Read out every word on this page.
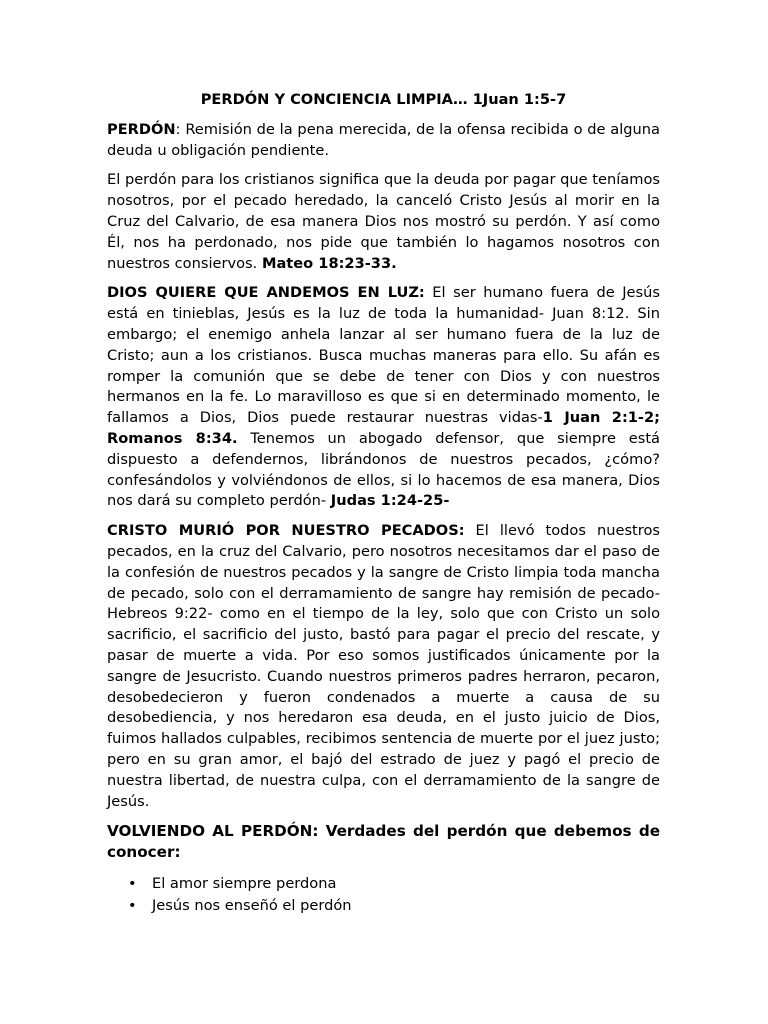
PERDÓN Y CONCIENCIA LIMPIA… 1Juan 1:5-7

PERDÓN: Remisión de la pena merecida, de la ofensa recibida o de alguna deuda u obligación pendiente.

El perdón para los cristianos significa que la deuda por pagar que teníamos nosotros, por el pecado heredado, la canceló Cristo Jesús al morir en la Cruz del Calvario, de esa manera Dios nos mostró su perdón. Y así como Él, nos ha perdonado, nos pide que también lo hagamos nosotros con nuestros consiervos. Mateo 18:23-33.

DIOS QUIERE QUE ANDEMOS EN LUZ: El ser humano fuera de Jesús está en tinieblas, Jesús es la luz de toda la humanidad- Juan 8:12. Sin embargo; el enemigo anhela lanzar al ser humano fuera de la luz de Cristo; aun a los cristianos. Busca muchas maneras para ello. Su afán es romper la comunión que se debe de tener con Dios y con nuestros hermanos en la fe. Lo maravilloso es que si en determinado momento, le fallamos a Dios, Dios puede restaurar nuestras vidas-1 Juan 2:1-2; Romanos 8:34. Tenemos un abogado defensor, que siempre está dispuesto a defendernos, librándonos de nuestros pecados, ¿cómo? confesándolos y volviéndonos de ellos, si lo hacemos de esa manera, Dios nos dará su completo perdón- Judas 1:24-25-

CRISTO MURIÓ POR NUESTRO PECADOS: El llevó todos nuestros pecados, en la cruz del Calvario, pero nosotros necesitamos dar el paso de la confesión de nuestros pecados y la sangre de Cristo limpia toda mancha de pecado, solo con el derramamiento de sangre hay remisión de pecado-Hebreos 9:22- como en el tiempo de la ley, solo que con Cristo un solo sacrificio, el sacrificio del justo, bastó para pagar el precio del rescate, y pasar de muerte a vida. Por eso somos justificados únicamente por la sangre de Jesucristo. Cuando nuestros primeros padres herraron, pecaron, desobedecieron y fueron condenados a muerte a causa de su desobediencia, y nos heredaron esa deuda, en el justo juicio de Dios, fuimos hallados culpables, recibimos sentencia de muerte por el juez justo; pero en su gran amor, el bajó del estrado de juez y pagó el precio de nuestra libertad, de nuestra culpa, con el derramamiento de la sangre de Jesús.

VOLVIENDO AL PERDÓN: Verdades del perdón que debemos de conocer:
• El amor siempre perdona
• Jesús nos enseñó el perdón
